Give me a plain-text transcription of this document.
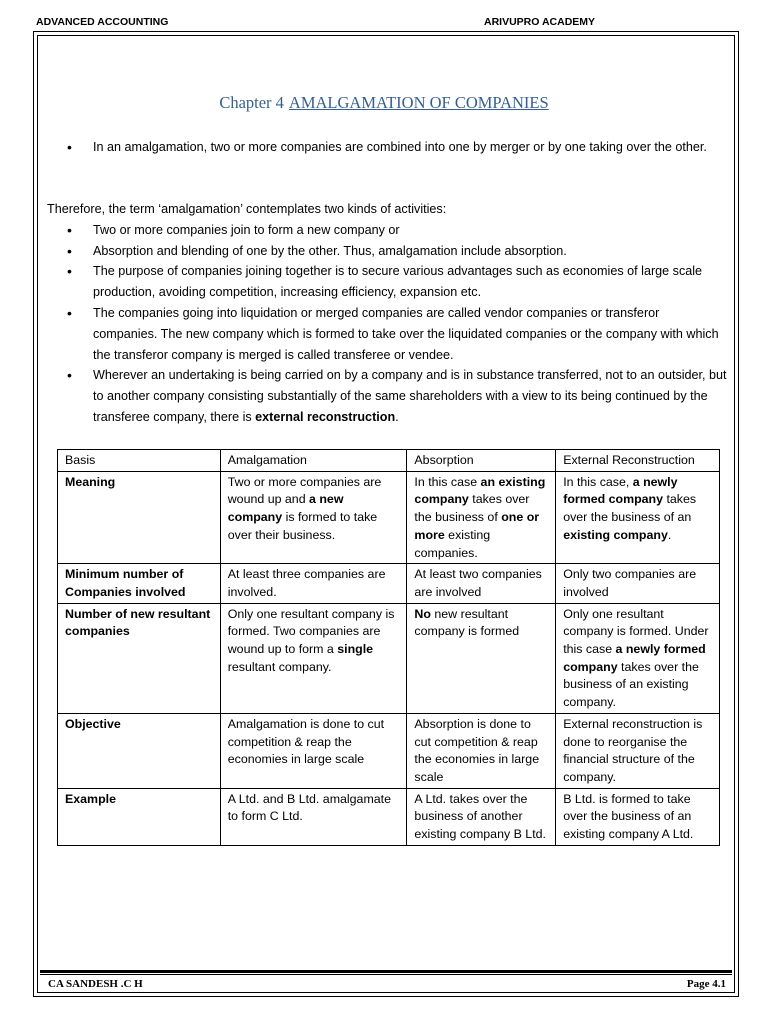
ADVANCED ACCOUNTING	ARIVUPRO ACADEMY
Chapter 4 AMALGAMATION OF COMPANIES
• In an amalgamation, two or more companies are combined into one by merger or by one taking over the other.

Therefore, the term ‘amalgamation’ contemplates two kinds of activities:

• Two or more companies join to form a new company or
• Absorption and blending of one by the other. Thus, amalgamation include absorption.
• The purpose of companies joining together is to secure various advantages such as economies of large scale production, avoiding competition, increasing efficiency, expansion etc.
• The companies going into liquidation or merged companies are called vendor companies or transferor companies. The new company which is formed to take over the liquidated companies or the company with which the transferor company is merged is called transferee or vendee.
• Wherever an undertaking is being carried on by a company and is in substance transferred, not to an outsider, but to another company consisting substantially of the same shareholders with a view to its being continued by the transferee company, there is external reconstruction.
Basis	Amalgamation	Absorption	External Reconstruction
Meaning	Two or more companies are wound up and a new company is formed to take over their business.	In this case an existing company takes over the business of one or more existing companies.	In this case, a newly formed company takes over the business of an existing company.
Minimum number of Companies involved	At least three companies are involved.	At least two companies are involved	Only two companies are involved
Number of new resultant companies	Only one resultant company is formed. Two companies are wound up to form a single resultant company.	No new resultant company is formed	Only one resultant company is formed. Under this case a newly formed company takes over the business of an existing company.
Objective	Amalgamation is done to cut competition & reap the economies in large scale	Absorption is done to cut competition & reap the economies in large scale	External reconstruction is done to reorganise the financial structure of the company.
Example	A Ltd. and B Ltd. amalgamate to form C Ltd.	A Ltd. takes over the business of another existing company B Ltd.	B Ltd. is formed to take over the business of an existing company A Ltd.
CA SANDESH .C H	Page 4.1
